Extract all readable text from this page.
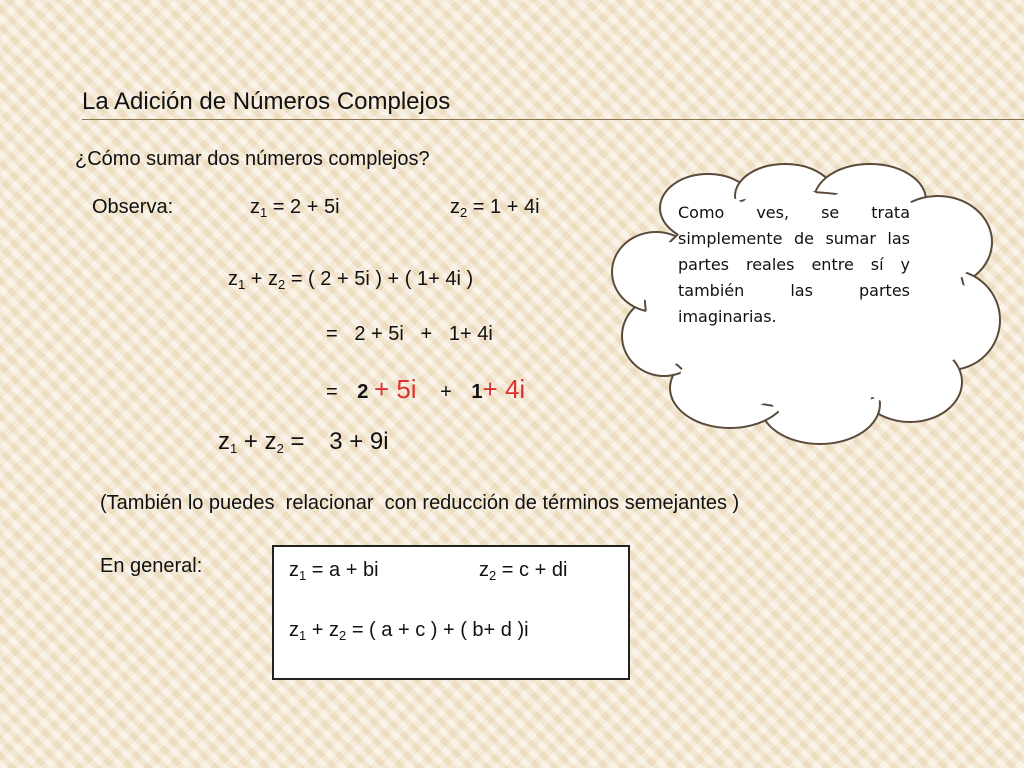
La Adición de Números Complejos
¿Cómo sumar dos números complejos?
Observa:	$z_1 = 2 + 5i$	$z_2 = 1 + 4i$
$z_1 + z_2$ = ( 2 + 5i ) + ( 1+ 4i )
=   2 + 5i   +   1+ 4i
= 2 + 5i + 1+ 4i
$z_1 + z_2 = 3 + 9i$
(También lo puedes  relacionar  con reducción de términos semejantes )
En general:	$z_1 = a$ + bi	$z_2 = c$ + di
$z_1 + z_2$ = ( a + c ) + ( b+ d )i
Como ves, se trata simplemente de sumar las partes reales entre sí y también las partes imaginarias.
